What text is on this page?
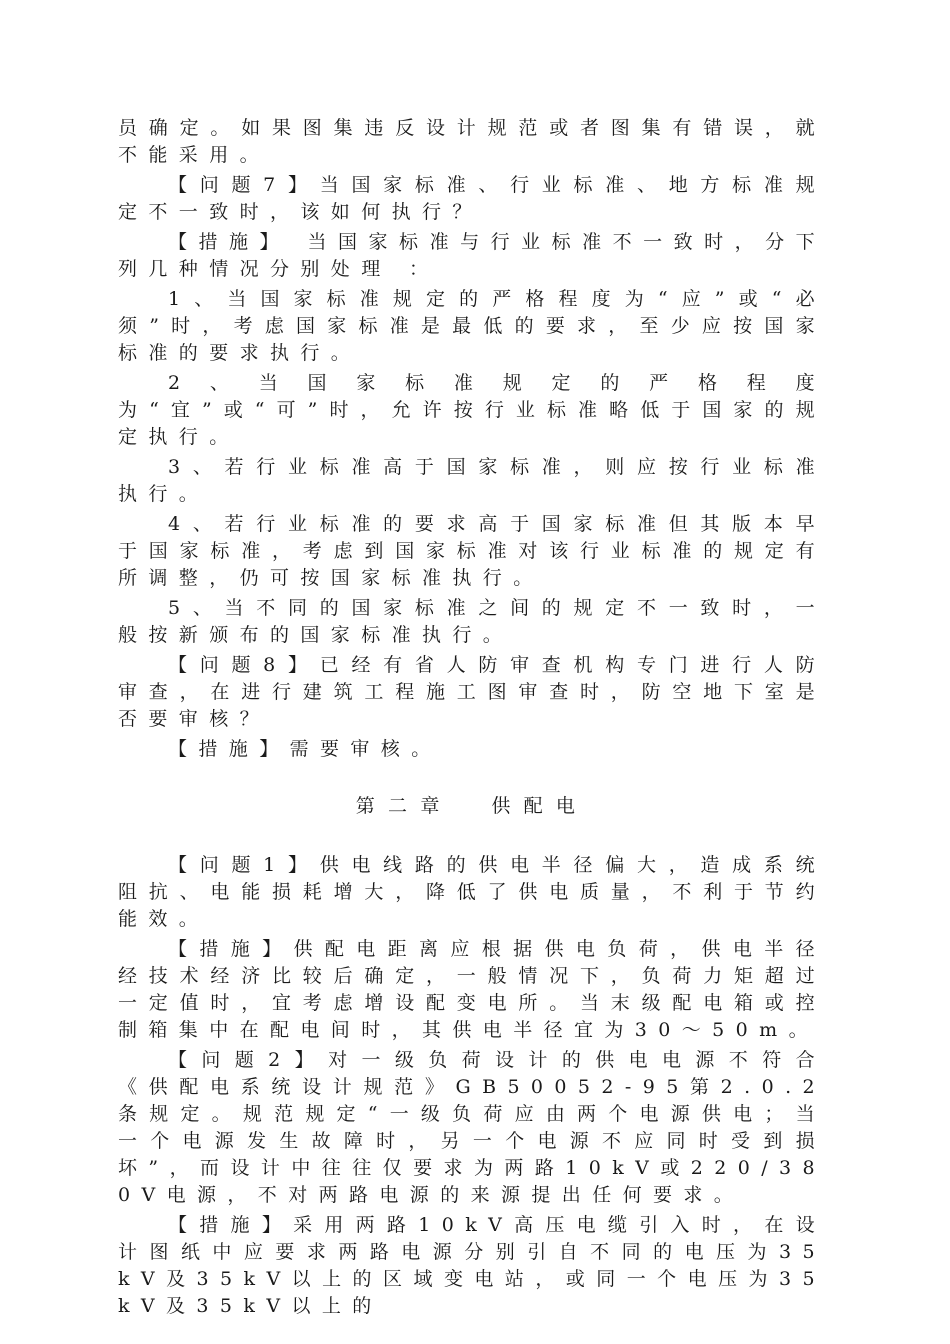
员确定。如果图集违反设计规范或者图集有错误，就不能采用。

【问题7】当国家标准、行业标准、地方标准规定不一致时，该如何执行？

【措施】 当国家标准与行业标准不一致时，分下列几种情况分别处理 ：

1、当国家标准规定的严格程度为“应”或“必须”时，考虑国家标准是最低的要求，至少应按国家标准的要求执行。

2、当国家标准规定的严格程度为“宜”或“可”时，允许按行业标准略低于国家的规定执行。

3、若行业标准高于国家标准，则应按行业标准执行。

4、若行业标准的要求高于国家标准但其版本早于国家标准，考虑到国家标准对该行业标准的规定有所调整，仍可按国家标准执行。

5、当不同的国家标准之间的规定不一致时，一般按新颁布的国家标准执行。

【问题8】已经有省人防审查机构专门进行人防审查，在进行建筑工程施工图审查时，防空地下室是否要审核？

【措施】需要审核。

第二章  供配电

【问题1】供电线路的供电半径偏大，造成系统阻抗、电能损耗增大，降低了供电质量，不利于节约能效。

【措施】供配电距离应根据供电负荷，供电半径经技术经济比较后确定，一般情况下，负荷力矩超过一定值时，宜考虑增设配变电所。当末级配电箱或控制箱集中在配电间时，其供电半径宜为30～50m。

【问题2】对一级负荷设计的供电电源不符合《供配电系统设计规范》GB50052-95第2.0.2条规定。规范规定“一级负荷应由两个电源供电；当一个电源发生故障时，另一个电源不应同时受到损坏”，而设计中往往仅要求为两路10kV或220/380V电源，不对两路电源的来源提出任何要求。

【措施】采用两路10kV高压电缆引入时，在设计图纸中应要求两路电源分别引自不同的电压为35kV及35kV以上的区域变电站，或同一个电压为35kV及35kV以上的
